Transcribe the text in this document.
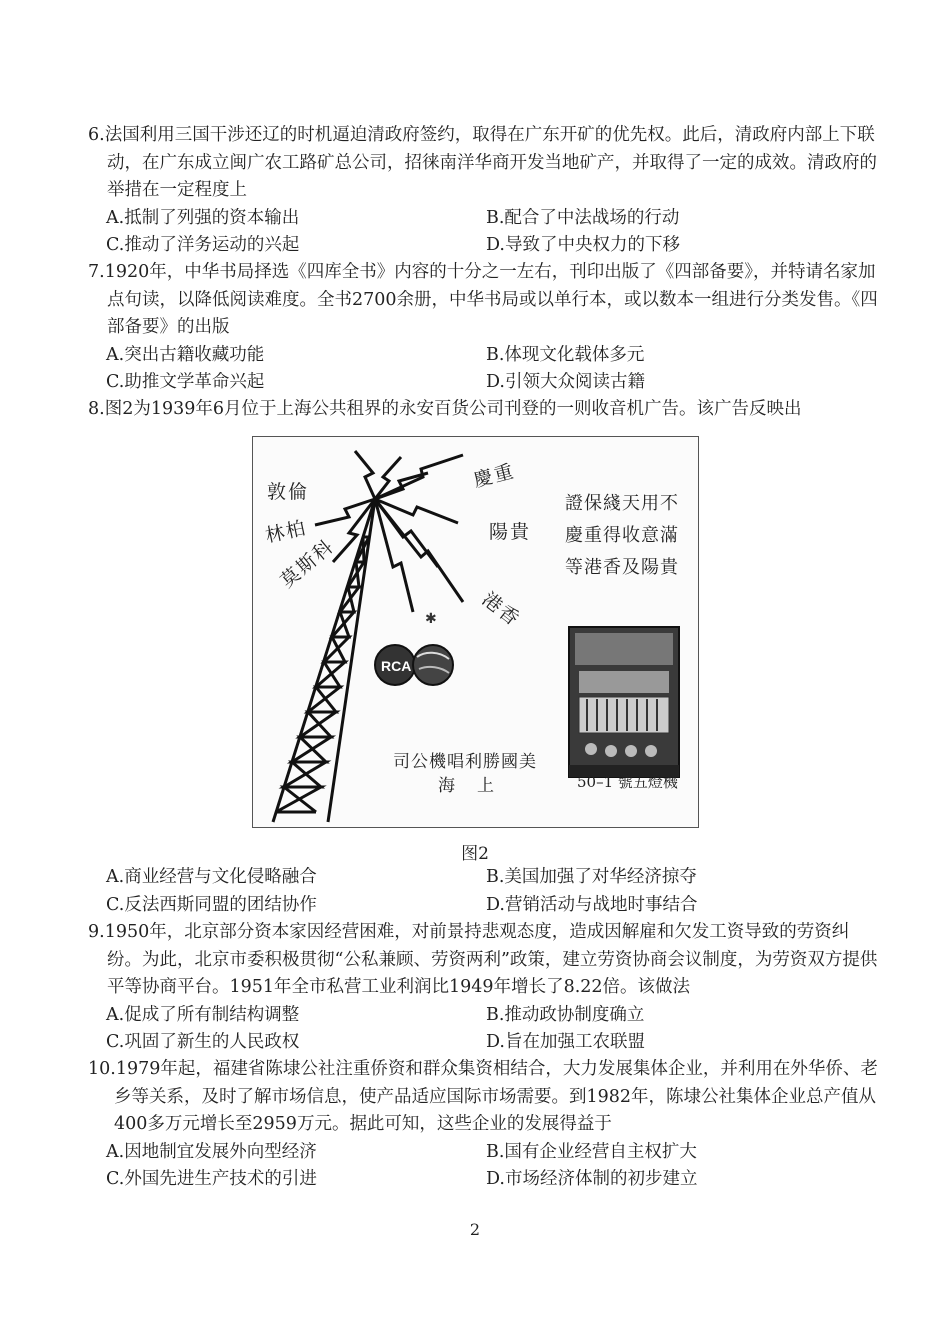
6.法国利用三国干涉还辽的时机逼迫清政府签约，取得在广东开矿的优先权。此后，清政府内部上下联动，在广东成立闽广农工路矿总公司，招徕南洋华商开发当地矿产，并取得了一定的成效。清政府的举措在一定程度上
A.抵制了列强的资本输出	B.配合了中法战场的行动
C.推动了洋务运动的兴起	D.导致了中央权力的下移
7.1920年，中华书局择选《四库全书》内容的十分之一左右，刊印出版了《四部备要》，并特请名家加点句读，以降低阅读难度。全书2700余册，中华书局或以单行本，或以数本一组进行分类发售。《四部备要》的出版
A.突出古籍收藏功能	B.体现文化载体多元
C.助推文学革命兴起	D.引领大众阅读古籍
8.图2为1939年6月位于上海公共租界的永安百货公司刊登的一则收音机广告。该广告反映出
✱
RCA
敦倫
林柏
莫斯科
慶重
陽貴
港香
證保綫天用不
慶重得收意滿
等港香及陽貴
司公機唱利勝國美
海上	50–1 號五燈機
图2
A.商业经营与文化侵略融合	B.美国加强了对华经济掠夺
C.反法西斯同盟的团结协作	D.营销活动与战地时事结合
9.1950年，北京部分资本家因经营困难，对前景持悲观态度，造成因解雇和欠发工资导致的劳资纠纷。为此，北京市委积极贯彻“公私兼顾、劳资两利”政策，建立劳资协商会议制度，为劳资双方提供平等协商平台。1951年全市私营工业利润比1949年增长了8.22倍。该做法
A.促成了所有制结构调整	B.推动政协制度确立
C.巩固了新生的人民政权	D.旨在加强工农联盟
10.1979年起，福建省陈埭公社注重侨资和群众集资相结合，大力发展集体企业，并利用在外华侨、老乡等关系，及时了解市场信息，使产品适应国际市场需要。到1982年，陈埭公社集体企业总产值从400多万元增长至2959万元。据此可知，这些企业的发展得益于
A.因地制宜发展外向型经济	B.国有企业经营自主权扩大
C.外国先进生产技术的引进	D.市场经济体制的初步建立
2
